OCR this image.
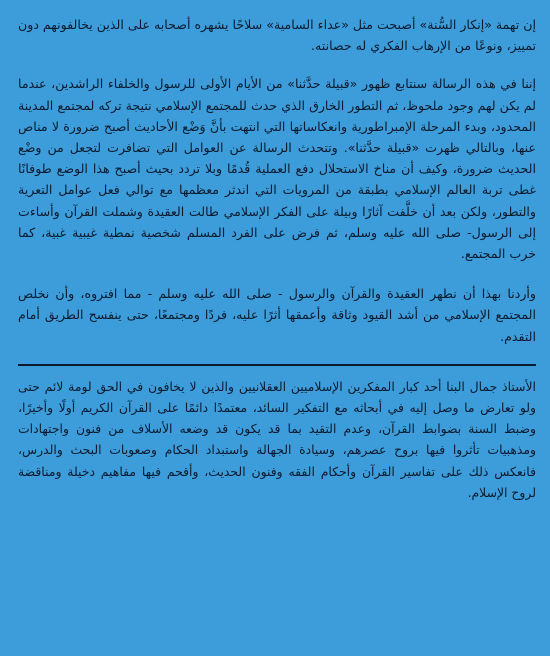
إن تهمة «إنكار السُّنة» أصبحت مثل «عداء السامية» سلاحًا يشهره أصحابه على الذين يخالفونهم دون تمييز، ونوعًا من الإرهاب الفكري له حصانته.

إننا في هذه الرسالة سنتابع ظهور «قبيلة حدَّثنا» من الأيام الأولى للرسول والخلفاء الراشدين، عندما لم يكن لهم وجود ملحوظ، ثم التطور الخارق الذي حدث للمجتمع الإسلامي نتيجة تركه لمجتمع المدينة المحدود، وبدء المرحلة الإمبراطورية وانعكاساتها التي انتهت بأنَّ وَضْع الأحاديث أصبح ضرورة لا مناص عنها، وبالتالي ظهرت «قبيلة حدَّثنا». وتتحدث الرسالة عن العوامل التي تضافرت لتجعل من وضْع الحديث ضرورة، وكيف أن مناخ الاستحلال دفع العملية قُدمًا وبلا تردد بحيث أصبح هذا الوضع طوفانًا غطى تربة العالم الإسلامي بطبقة من المرويات التي اندثر معظمها مع توالي فعل عوامل التعرية والتطور، ولكن بعد أن خلَّفت آثارًا وبيلة على الفكر الإسلامي طالت العقيدة وشملت القرآن وأساءت إلى الرسول- صلى الله عليه وسلم، ثم فرض على الفرد المسلم شخصية نمطية غيبية غبية، كما خرب المجتمع.

وأردنا بهذا أن نطهر العقيدة والقرآن والرسول - صلى الله عليه وسلم - مما افتروه، وأن نخلص المجتمع الإسلامي من أشد القيود وثاقة وأعمقها أثرًا عليه، فردًا ومجتمعًا، حتى ينفسح الطريق أمام التقدم.

الأستاذ جمال البنا أحد كبار المفكرين الإسلاميين العقلانيين والذين لا يخافون في الحق لومة لائم حتى ولو تعارض ما وصل إليه في أبحاثه مع التفكير السائد، معتمدًا دائمًا على القرآن الكريم أولًا وأخيرًا، وضبط السنة بضوابط القرآن، وعدم التقيد بما قد يكون قد وضعه الأسلاف من فنون واجتهادات ومذهبيات تأثروا فيها بروح عصرهم، وسيادة الجهالة واستبداد الحكام وصعوبات البحث والدرس، فانعكس ذلك على تفاسير القرآن وأحكام الفقه وفنون الحديث، وأقحم فيها مفاهيم دخيلة ومناقضة لروح الإسلام.
